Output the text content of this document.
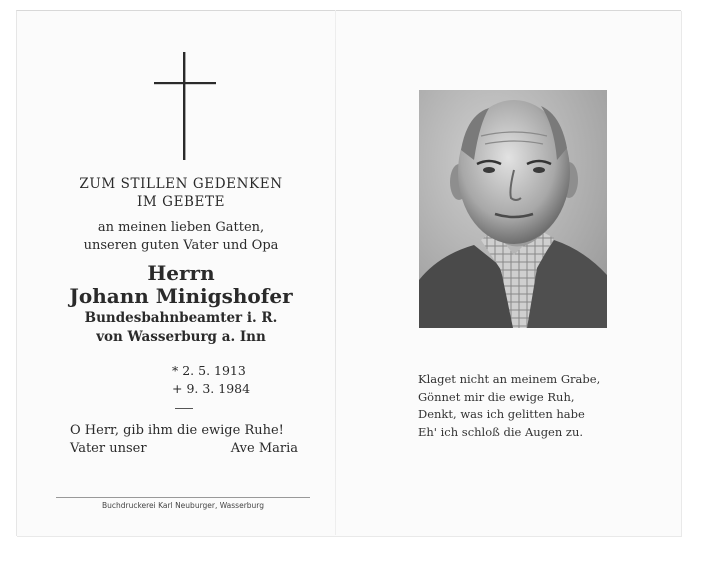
ZUM STILLEN GEDENKEN
IM GEBETE
an meinen lieben Gatten,
unseren guten Vater und Opa
Herrn
Johann Minigshofer
Bundesbahnbeamter i. R.
von Wasserburg a. Inn
* 2. 5. 1913
+ 9. 3. 1984
O Herr, gib ihm die ewige Ruhe!
Vater unser	Ave Maria
Buchdruckerei Karl Neuburger, Wasserburg
Klaget nicht an meinem Grabe,
Gönnet mir die ewige Ruh,
Denkt, was ich gelitten habe
Eh' ich schloß die Augen zu.
